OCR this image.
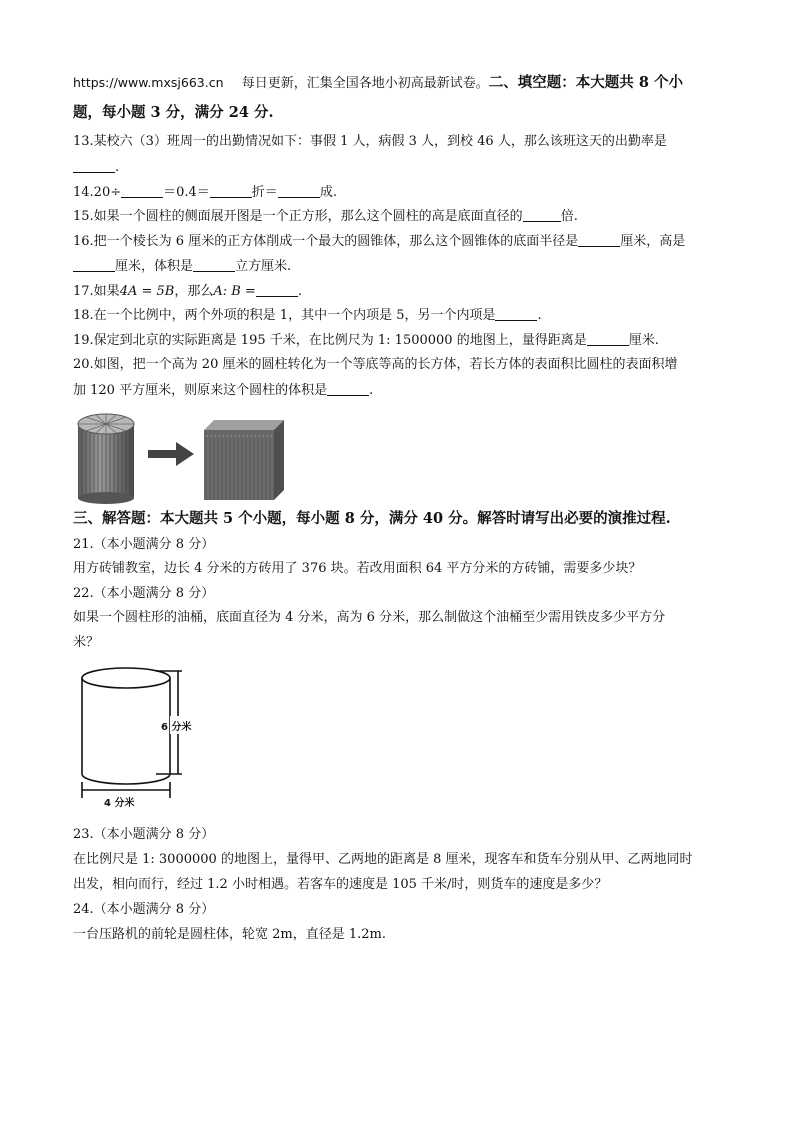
https://www.mxsj663.cn 每日更新，汇集全国各地小初高最新试卷。二、填空题：本大题共 8 个小
题，每小题 3 分，满分 24 分.
13.某校六（3）班周一的出勤情况如下：事假 1 人，病假 3 人，到校 46 人，那么该班这天的出勤率是
.
14.20÷	＝0.4＝	折＝	成.
15.如果一个圆柱的侧面展开图是一个正方形，那么这个圆柱的高是底面直径的	倍.
16.把一个棱长为 6 厘米的正方体削成一个最大的圆锥体，那么这个圆锥体的底面半径是	厘米，高是
厘米，体积是	立方厘米.
17.如果4A = 5B，那么A: B =	.
18.在一个比例中，两个外项的积是 1，其中一个内项是 5，另一个内项是	.
19.保定到北京的实际距离是 195 千米，在比例尺为 1: 1500000 的地图上，量得距离是	厘米.
20.如图，把一个高为 20 厘米的圆柱转化为一个等底等高的长方体，若长方体的表面积比圆柱的表面积增
加 120 平方厘米，则原来这个圆柱的体积是	.
三、解答题：本大题共 5 个小题，每小题 8 分，满分 40 分。解答时请写出必要的演推过程.
21.（本小题满分 8 分）
用方砖铺教室，边长 4 分米的方砖用了 376 块。若改用面积 64 平方分米的方砖铺，需要多少块？
22.（本小题满分 8 分）
如果一个圆柱形的油桶，底面直径为 4 分米，高为 6 分米，那么制做这个油桶至少需用铁皮多少平方分
米？
6 分米
4 分米
23.（本小题满分 8 分）
在比例尺是 1: 3000000 的地图上，量得甲、乙两地的距离是 8 厘米，现客车和货车分别从甲、乙两地同时
出发，相向而行，经过 1.2 小时相遇。若客车的速度是 105 千米/时，则货车的速度是多少？
24.（本小题满分 8 分）
一台压路机的前轮是圆柱体，轮宽 2m，直径是 1.2m.
